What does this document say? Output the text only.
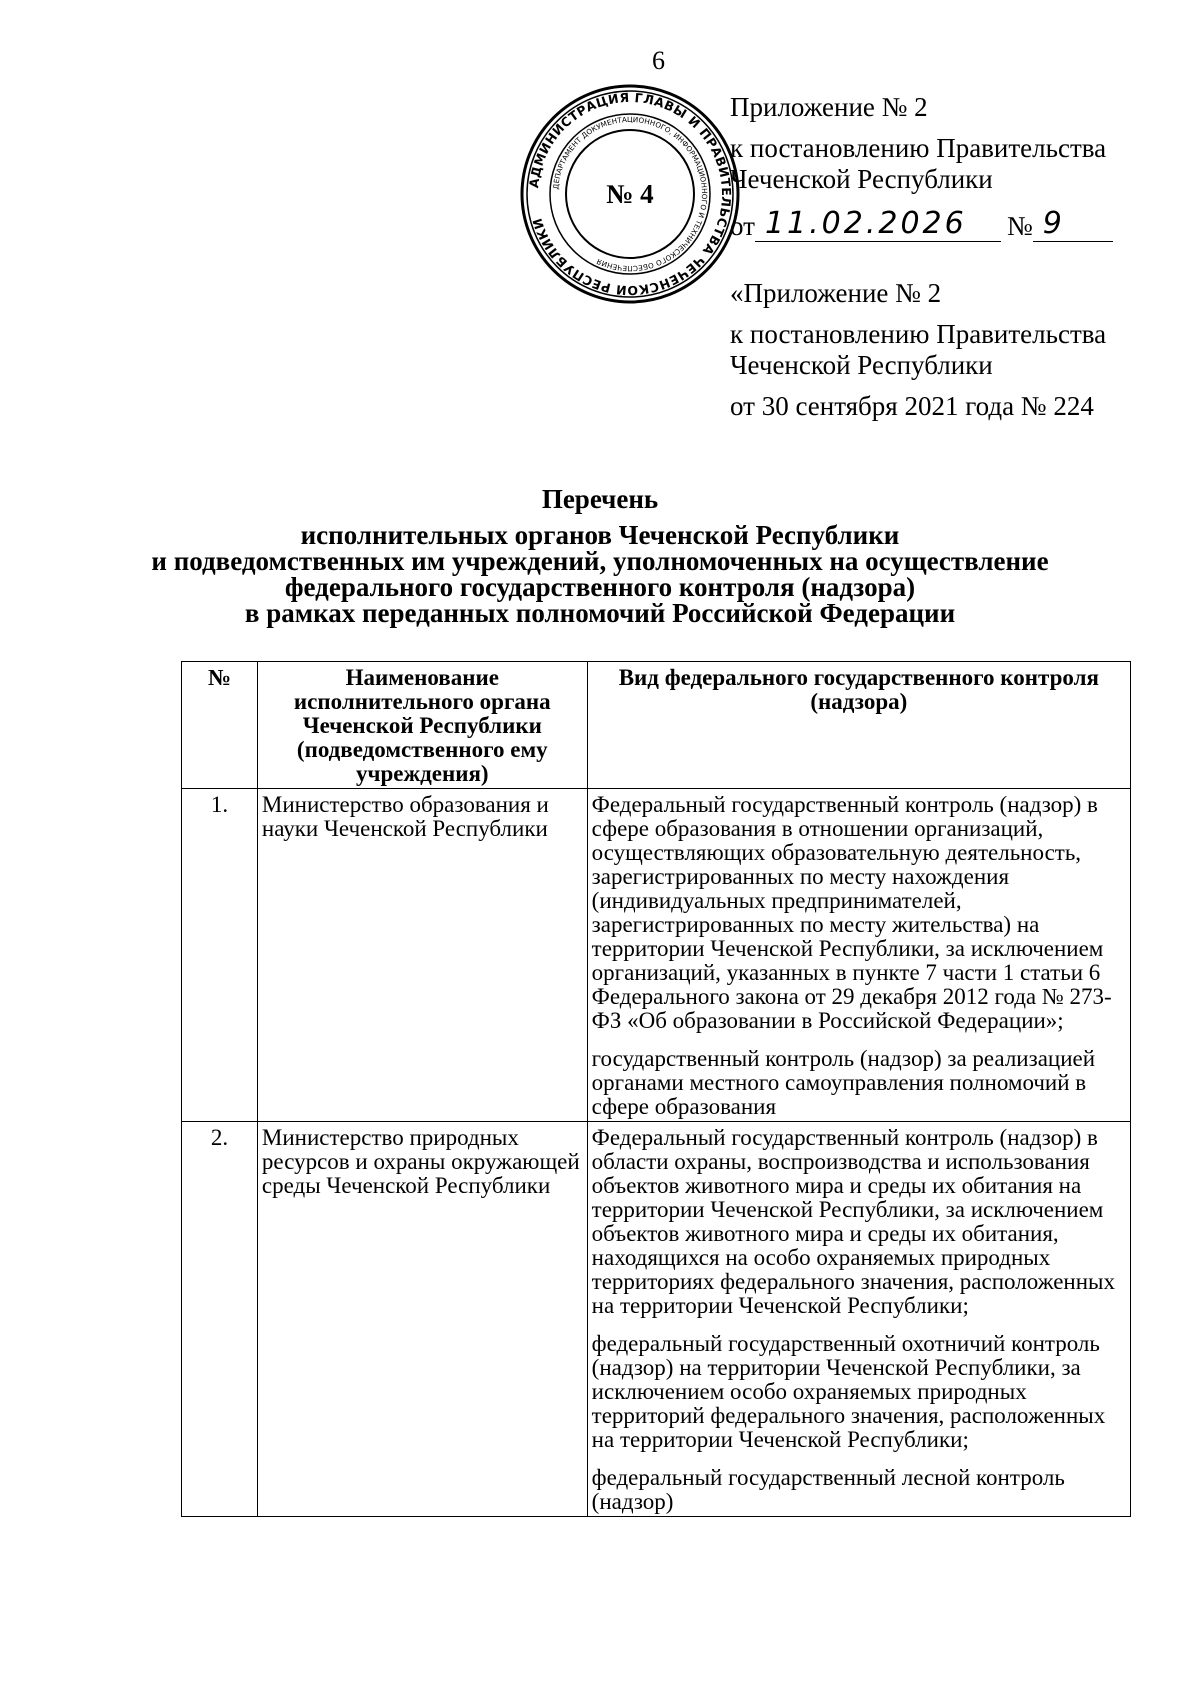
6
АДМИНИСТРАЦИЯ ГЛАВЫ И ПРАВИТЕЛЬСТВА ЧЕЧЕНСКОЙ РЕСПУБЛИКИ
ДЕПАРТАМЕНТ ДОКУМЕНТАЦИОННОГО, ИНФОРМАЦИОННОГО И ТЕХНИЧЕСКОГО ОБЕСПЕЧЕНИЯ
№ 4

Приложение № 2

к постановлению Правительства

Чеченской Республики

от 11.02.2026 № 9

«Приложение № 2

к постановлению Правительства

Чеченской Республики

от 30 сентября 2021 года № 224

Перечень
исполнительных органов Чеченской Республики
и подведомственных им учреждений, уполномоченных на осуществление
федерального государственного контроля (надзора)
в рамках переданных полномочий Российской Федерации
№	Наименование исполнительного органа Чеченской Республики (подведомственного ему учреждения)	Вид федерального государственного контроля (надзора)
1.	Министерство образования и науки Чеченской Республики	Федеральный государственный контроль (надзор) в сфере образования в отношении организаций, осуществляющих образовательную деятельность, зарегистрированных по месту нахождения (индивидуальных предпринимателей, зарегистрированных по месту жительства) на территории Чеченской Республики, за исключением организаций, указанных в пункте 7 части 1 статьи 6 Федерального закона от 29 декабря 2012 года № 273-ФЗ «Об образовании в Российской Федерации»;

государственный контроль (надзор) за реализацией органами местного самоуправления полномочий в сфере образования

2.	Министерство природных ресурсов и охраны окружающей среды Чеченской Республики	Федеральный государственный контроль (надзор) в области охраны, воспроизводства и использования объектов животного мира и среды их обитания на территории Чеченской Республики, за исключением объектов животного мира и среды их обитания, находящихся на особо охраняемых природных территориях федерального значения, расположенных на территории Чеченской Республики;

федеральный государственный охотничий контроль (надзор) на территории Чеченской Республики, за исключением особо охраняемых природных территорий федерального значения, расположенных на территории Чеченской Республики;

федеральный государственный лесной контроль (надзор)
